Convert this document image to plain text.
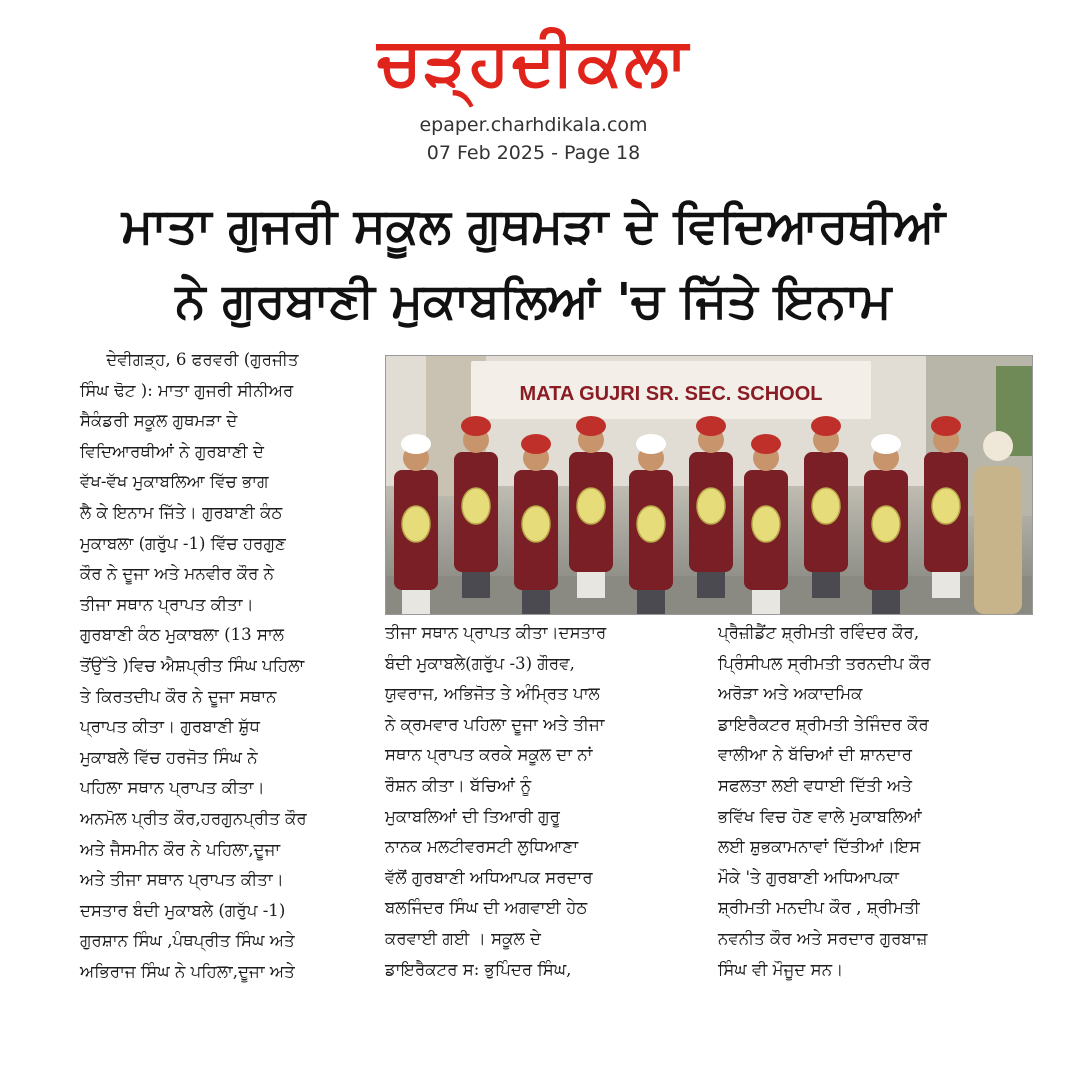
ਚੜ੍ਹਦੀਕਲਾ
epaper.charhdikala.com
07 Feb 2025 - Page 18
ਮਾਤਾ ਗੁਜਰੀ ਸਕੂਲ ਗੁਥਮੜਾ ਦੇ ਵਿਦਿਆਰਥੀਆਂ
ਨੇ ਗੁਰਬਾਣੀ ਮੁਕਾਬਲਿਆਂ 'ਚ ਜਿੱਤੇ ਇਨਾਮ
ਦੇਵੀਗੜ੍ਹ, 6 ਫਰਵਰੀ (ਗੁਰਜੀਤ
ਸਿੰਘ ਢੋਟ ): ਮਾਤਾ ਗੁਜਰੀ ਸੀਨੀਅਰ
ਸੈਕੰਡਰੀ ਸਕੂਲ ਗੁਥਮੜਾ ਦੇ
ਵਿਦਿਆਰਥੀਆਂ ਨੇ ਗੁਰਬਾਣੀ ਦੇ
ਵੱਖ-ਵੱਖ ਮੁਕਾਬਲਿਆ ਵਿੱਚ ਭਾਗ
ਲੈ ਕੇ ਇਨਾਮ ਜਿੱਤੇ। ਗੁਰਬਾਣੀ ਕੰਠ
ਮੁਕਾਬਲਾ (ਗਰੁੱਪ -1) ਵਿੱਚ ਹਰਗੁਣ
ਕੌਰ ਨੇ ਦੂਜਾ ਅਤੇ ਮਨਵੀਰ ਕੌਰ ਨੇ
ਤੀਜਾ ਸਥਾਨ ਪ੍ਰਾਪਤ ਕੀਤਾ।
ਗੁਰਬਾਣੀ ਕੰਠ ਮੁਕਾਬਲਾ (13 ਸਾਲ
ਤੋਂਉੱਤੇ )ਵਿਚ ਐਸ਼ਪ੍ਰੀਤ ਸਿੰਘ ਪਹਿਲਾ
ਤੇ ਕਿਰਤਦੀਪ ਕੌਰ ਨੇ ਦੂਜਾ ਸਥਾਨ
ਪ੍ਰਾਪਤ ਕੀਤਾ। ਗੁਰਬਾਣੀ ਸ਼ੁੱਧ
ਮੁਕਾਬਲੇ ਵਿੱਚ ਹਰਜੋਤ ਸਿੰਘ ਨੇ
ਪਹਿਲਾ ਸਥਾਨ ਪ੍ਰਾਪਤ ਕੀਤਾ।
ਅਨਮੋਲ ਪ੍ਰੀਤ ਕੌਰ,ਹਰਗੁਨਪ੍ਰੀਤ ਕੌਰ
ਅਤੇ ਜੈਸਮੀਨ ਕੌਰ ਨੇ ਪਹਿਲਾ,ਦੂਜਾ
ਅਤੇ ਤੀਜਾ ਸਥਾਨ ਪ੍ਰਾਪਤ ਕੀਤਾ।
ਦਸਤਾਰ ਬੰਦੀ ਮੁਕਾਬਲੇ (ਗਰੁੱਪ -1)
ਗੁਰਸ਼ਾਨ ਸਿੰਘ ,ਪੰਥਪ੍ਰੀਤ ਸਿੰਘ ਅਤੇ
ਅਭਿਰਾਜ ਸਿੰਘ ਨੇ ਪਹਿਲਾ,ਦੂਜਾ ਅਤੇ
MATA GUJRI SR. SEC. SCHOOL
ਤੀਜਾ ਸਥਾਨ ਪ੍ਰਾਪਤ ਕੀਤਾ।ਦਸਤਾਰ
ਬੰਦੀ ਮੁਕਾਬਲੇ(ਗਰੁੱਪ -3) ਗੌਰਵ,
ਯੁਵਰਾਜ, ਅਭਿਜੋਤ ਤੇ ਅੰਮ੍ਰਿਤ ਪਾਲ
ਨੇ ਕ੍ਰਮਵਾਰ ਪਹਿਲਾ ਦੂਜਾ ਅਤੇ ਤੀਜਾ
ਸਥਾਨ ਪ੍ਰਾਪਤ ਕਰਕੇ ਸਕੂਲ ਦਾ ਨਾਂ
ਰੌਸ਼ਨ ਕੀਤਾ। ਬੱਚਿਆਂ ਨੂੰ
ਮੁਕਾਬਲਿਆਂ ਦੀ ਤਿਆਰੀ ਗੁਰੂ
ਨਾਨਕ ਮਲਟੀਵਰਸਟੀ ਲੁਧਿਆਣਾ
ਵੱਲੋਂ ਗੁਰਬਾਣੀ ਅਧਿਆਪਕ ਸਰਦਾਰ
ਬਲਜਿੰਦਰ ਸਿੰਘ ਦੀ ਅਗਵਾਈ ਹੇਠ
ਕਰਵਾਈ ਗਈ । ਸਕੂਲ ਦੇ
ਡਾਇਰੈਕਟਰ ਸ: ਭੁਪਿੰਦਰ ਸਿੰਘ,
ਪ੍ਰੈਜ਼ੀਡੈਂਟ ਸ਼੍ਰੀਮਤੀ ਰਵਿੰਦਰ ਕੌਰ,
ਪ੍ਰਿੰਸੀਪਲ ਸ੍ਰੀਮਤੀ ਤਰਨਦੀਪ ਕੌਰ
ਅਰੋੜਾ ਅਤੇ ਅਕਾਦਮਿਕ
ਡਾਇਰੈਕਟਰ ਸ਼੍ਰੀਮਤੀ ਤੇਜਿੰਦਰ ਕੌਰ
ਵਾਲੀਆ ਨੇ ਬੱਚਿਆਂ ਦੀ ਸ਼ਾਨਦਾਰ
ਸਫਲਤਾ ਲਈ ਵਧਾਈ ਦਿੱਤੀ ਅਤੇ
ਭਵਿੱਖ ਵਿਚ ਹੋਣ ਵਾਲੇ ਮੁਕਾਬਲਿਆਂ
ਲਈ ਸ਼ੁਭਕਾਮਨਾਵਾਂ ਦਿੱਤੀਆਂ।ਇਸ
ਮੌਕੇ 'ਤੇ ਗੁਰਬਾਣੀ ਅਧਿਆਪਕਾ
ਸ਼੍ਰੀਮਤੀ ਮਨਦੀਪ ਕੌਰ , ਸ਼੍ਰੀਮਤੀ
ਨਵਨੀਤ ਕੌਰ ਅਤੇ ਸਰਦਾਰ ਗੁਰਬਾਜ਼
ਸਿੰਘ ਵੀ ਮੌਜੂਦ ਸਨ।
